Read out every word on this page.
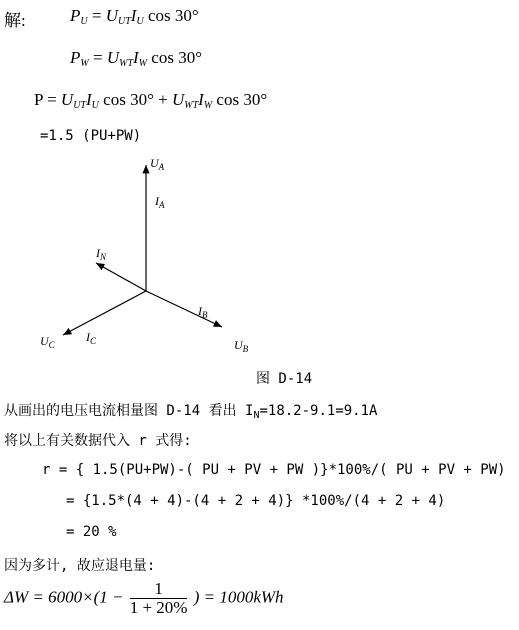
解:	$P_U = U_{UT}I_U$ cos 30°
$P_W = U_{WT}I_W$ cos 30°
$P = U_{UT}I_U$ $\cos 30^\circ + U_{WT}I_W$ cos 30°
=1.5 (PU+PW)
$U_A$
$I_A$
$I_N$
$I_B$
$U_B$
$U_C$
$I_C$
图 D-14
从画出的电压电流相量图 D-14 看出 $I_N=18.2-9.1=9.1A$
将以上有关数据代入 r 式得:
r = { 1.5(PU+PW)-( PU + PV + PW )}*100%/( PU + PV + PW)
= {1.5*(4 + 4)-(4 + 2 + 4)} *100%/(4 + 2 + 4)
= 20 %
因为多计, 故应退电量:
$\Delta W = 6000\times(1 - \frac{1}{1 + 20\%}$ ) = 1000kWh
